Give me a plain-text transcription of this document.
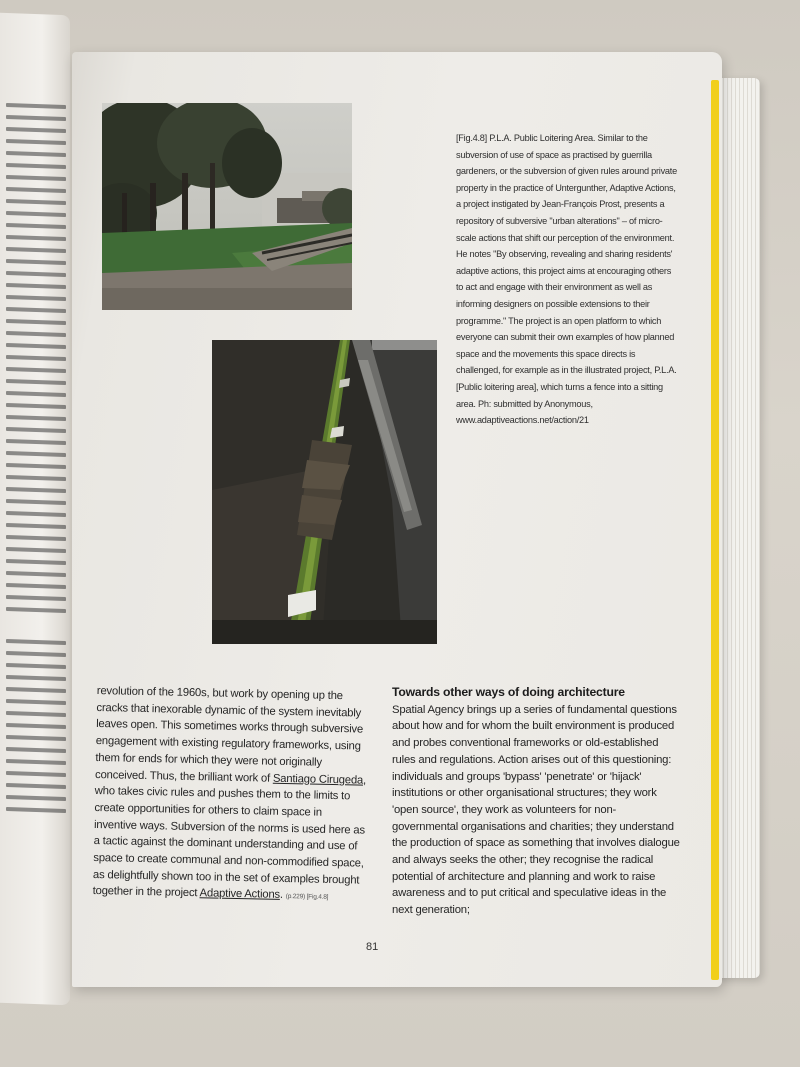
[Fig.4.8] P.L.A. Public Loitering Area. Similar to the subversion of use of space as practised by guerrilla gardeners, or the subversion of given rules around private property in the practice of Untergunther, Adaptive Actions, a project instigated by Jean-François Prost, presents a repository of subversive "urban alterations" – of micro-scale actions that shift our perception of the environment. He notes "By observing, revealing and sharing residents' adaptive actions, this project aims at encouraging others to act and engage with their environment as well as informing designers on possible extensions to their programme." The project is an open platform to which everyone can submit their own examples of how planned space and the movements this space directs is challenged, for example as in the illustrated project, P.L.A. [Public loitering area], which turns a fence into a sitting area. Ph: submitted by Anonymous, www.adaptiveactions.net/action/21
revolution of the 1960s, but work by opening up the cracks that inexorable dynamic of the system inevitably leaves open. This sometimes works through subversive engagement with existing regulatory frameworks, using them for ends for which they were not originally conceived. Thus, the brilliant work of Santiago Cirugeda, who takes civic rules and pushes them to the limits to create opportunities for others to claim space in inventive ways. Subversion of the norms is used here as a tactic against the dominant understanding and use of space to create communal and non-commodified space, as delightfully shown too in the set of examples brought together in the project Adaptive Actions. (p.229) [Fig.4.8]
Towards other ways of doing architecture
Spatial Agency brings up a series of fundamental questions about how and for whom the built environment is produced and probes conventional frameworks or old-established rules and regulations. Action arises out of this questioning: individuals and groups 'bypass' 'penetrate' or 'hijack' institutions or other organisational structures; they work 'open source', they work as volunteers for non-governmental organisations and charities; they understand the production of space as something that involves dialogue and always seeks the other; they recognise the radical potential of architecture and planning and work to raise awareness and to put critical and speculative ideas in the next generation;
81
